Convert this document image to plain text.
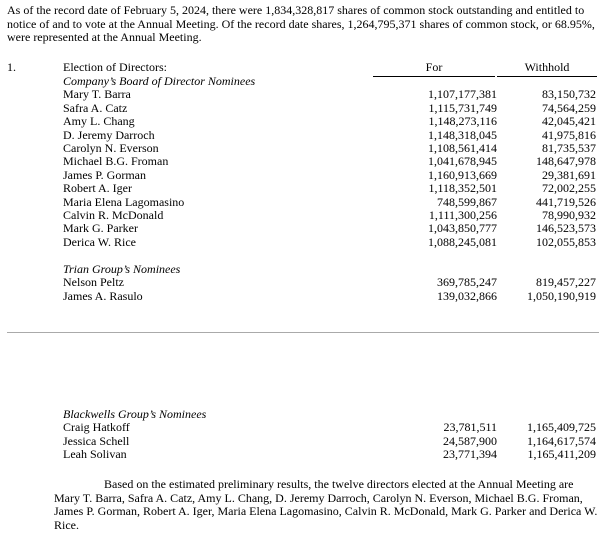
As of the record date of February 5, 2024, there were 1,834,328,817 shares of common stock outstanding and entitled to notice of and to vote at the Annual Meeting. Of the record date shares, 1,264,795,371 shares of common stock, or 68.95%, were represented at the Annual Meeting.
1.	Election of Directors:	For	Withhold
Company’s Board of Director Nominees
Mary T. Barra	1,107,177,381	83,150,732
Safra A. Catz	1,115,731,749	74,564,259
Amy L. Chang	1,148,273,116	42,045,421
D. Jeremy Darroch	1,148,318,045	41,975,816
Carolyn N. Everson	1,108,561,414	81,735,537
Michael B.G. Froman	1,041,678,945	148,647,978
James P. Gorman	1,160,913,669	29,381,691
Robert A. Iger	1,118,352,501	72,002,255
Maria Elena Lagomasino	748,599,867	441,719,526
Calvin R. McDonald	1,111,300,256	78,990,932
Mark G. Parker	1,043,850,777	146,523,573
Derica W. Rice	1,088,245,081	102,055,853
Trian Group’s Nominees
Nelson Peltz	369,785,247	819,457,227
James A. Rasulo	139,032,866	1,050,190,919
Blackwells Group’s Nominees
Craig Hatkoff	23,781,511	1,165,409,725
Jessica Schell	24,587,900	1,164,617,574
Leah Solivan	23,771,394	1,165,411,209
Based on the estimated preliminary results, the twelve directors elected at the Annual Meeting are Mary T. Barra, Safra A. Catz, Amy L. Chang, D. Jeremy Darroch, Carolyn N. Everson, Michael B.G. Froman, James P. Gorman, Robert A. Iger, Maria Elena Lagomasino, Calvin R. McDonald, Mark G. Parker and Derica W. Rice.
